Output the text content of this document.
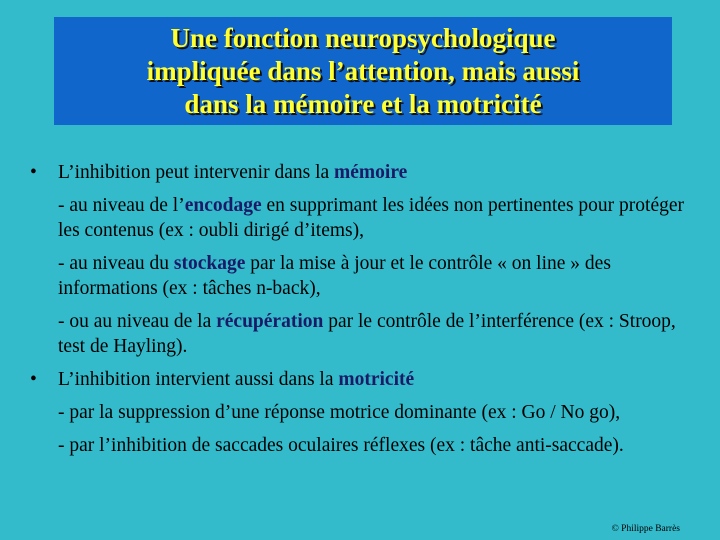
Une fonction neuropsychologique
impliquée dans l’attention, mais aussi
dans la mémoire et la motricité
• L’inhibition peut intervenir dans la mémoire
- au niveau de l’encodage en supprimant les idées non pertinentes pour protéger les contenus (ex : oubli dirigé d’items),
- au niveau du stockage par la mise à jour et le contrôle « on line » des informations (ex : tâches n-back),
- ou au niveau de la récupération par le contrôle de l’interférence (ex : Stroop, test de Hayling).
• L’inhibition intervient aussi dans la motricité
- par la suppression d’une réponse motrice dominante (ex : Go / No go),
- par l’inhibition de saccades oculaires réflexes (ex : tâche anti-saccade).
© Philippe Barrès
